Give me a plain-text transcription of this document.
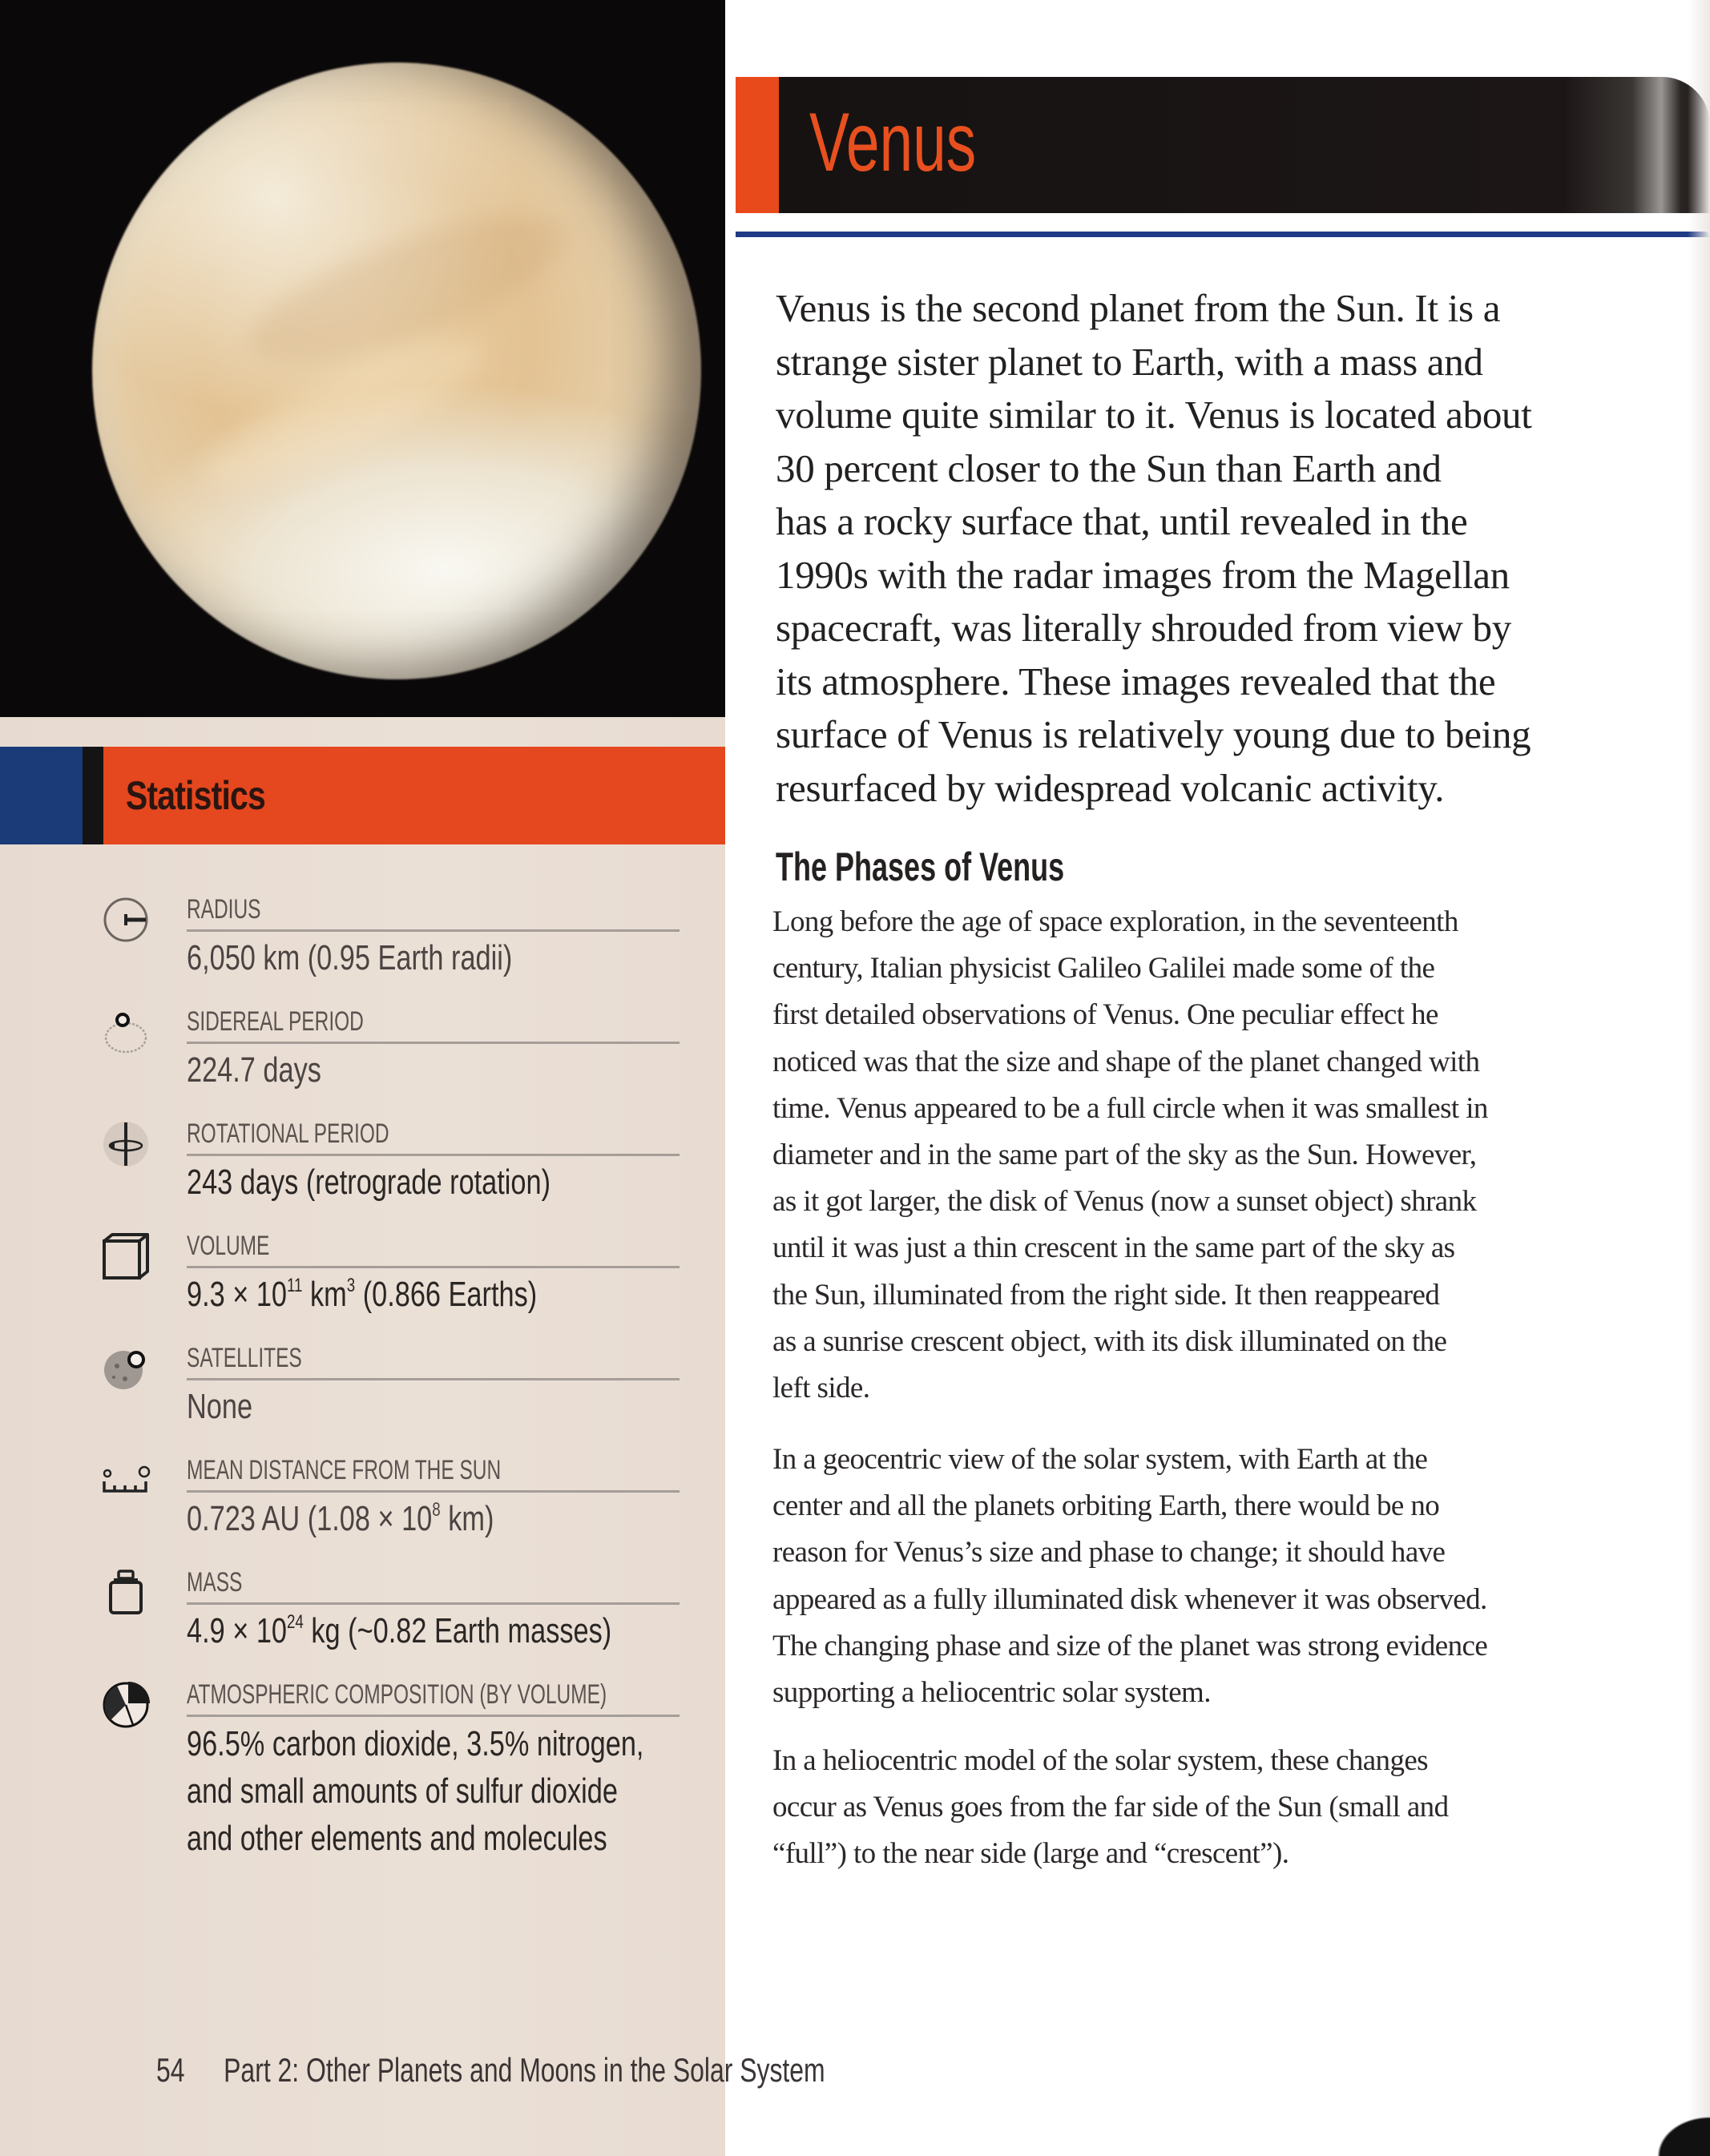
Statistics
RADIUS
6,050 km (0.95 Earth radii)
SIDEREAL PERIOD
224.7 days
ROTATIONAL PERIOD
243 days (retrograde rotation)
VOLUME
$9.3 \times 10^{11}$ $km^3$ (0.866 Earths)
SATELLITES
None
MEAN DISTANCE FROM THE SUN
0.723 AU ($1.08 \times 10^8$ km)
MASS
$4.9 \times 10^{24}$ kg (~0.82 Earth masses)
ATMOSPHERIC COMPOSITION (BY VOLUME)
96.5% carbon dioxide, 3.5% nitrogen,
and small amounts of sulfur dioxide
and other elements and molecules
54 Part 2: Other Planets and Moons in the Solar System
Venus
Venus is the second planet from the Sun. It is a
strange sister planet to Earth, with a mass and
volume quite similar to it. Venus is located about
30 percent closer to the Sun than Earth and
has a rocky surface that, until revealed in the
1990s with the radar images from the Magellan
spacecraft, was literally shrouded from view by
its atmosphere. These images revealed that the
surface of Venus is relatively young due to being
resurfaced by widespread volcanic activity.
The Phases of Venus
Long before the age of space exploration, in the seventeenth
century, Italian physicist Galileo Galilei made some of the
first detailed observations of Venus. One peculiar effect he
noticed was that the size and shape of the planet changed with
time. Venus appeared to be a full circle when it was smallest in
diameter and in the same part of the sky as the Sun. However,
as it got larger, the disk of Venus (now a sunset object) shrank
until it was just a thin crescent in the same part of the sky as
the Sun, illuminated from the right side. It then reappeared
as a sunrise crescent object, with its disk illuminated on the
left side.
In a geocentric view of the solar system, with Earth at the
center and all the planets orbiting Earth, there would be no
reason for Venus’s size and phase to change; it should have
appeared as a fully illuminated disk whenever it was observed.
The changing phase and size of the planet was strong evidence
supporting a heliocentric solar system.
In a heliocentric model of the solar system, these changes
occur as Venus goes from the far side of the Sun (small and
“full”) to the near side (large and “crescent”).
